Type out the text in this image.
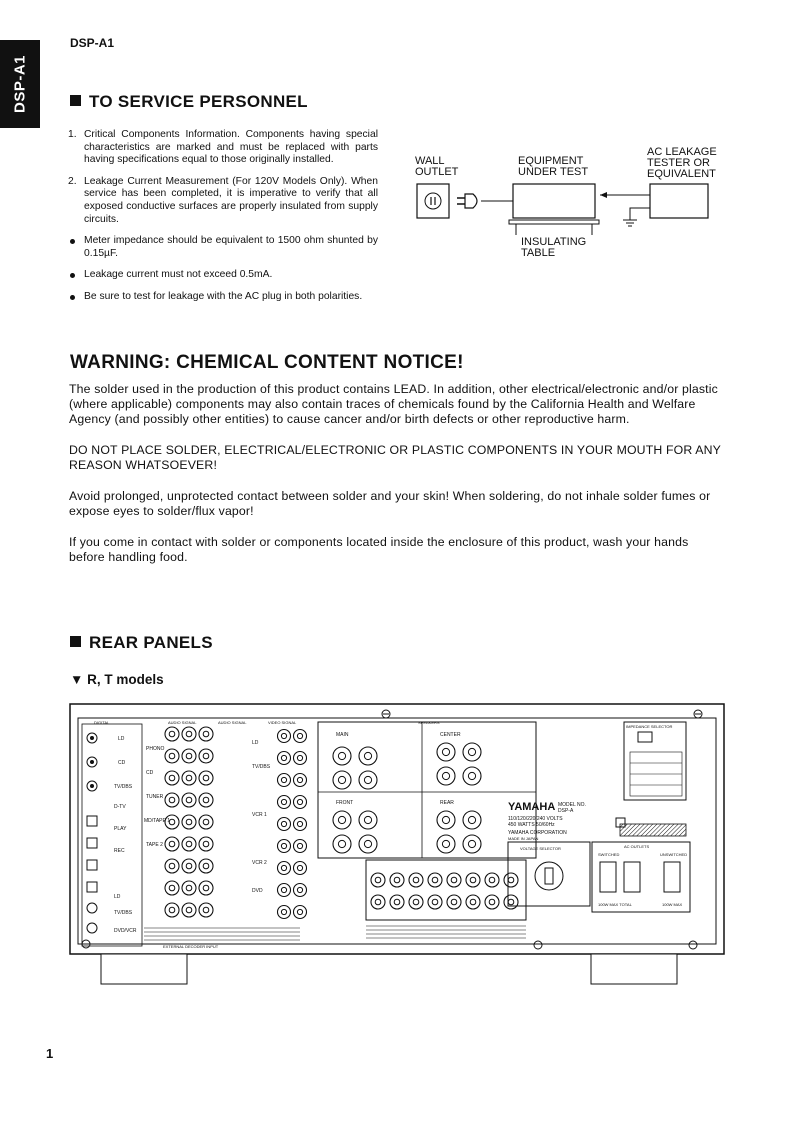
DSP-A1
DSP-A1
TO SERVICE PERSONNEL
1. Critical Components Information. Components having special characteristics are marked and must be replaced with parts having specifications equal to those originally installed.
2. Leakage Current Measurement (For 120V Models Only). When service has been completed, it is imperative to verify that all exposed conductive surfaces are properly insulated from supply circuits.
Meter impedance should be equivalent to 1500 ohm shunted by 0.15µF.
Leakage current must not exceed 0.5mA.
Be sure to test for leakage with the AC plug in both polarities.
WALL
OUTLET
EQUIPMENT
UNDER TEST
AC LEAKAGE
TESTER OR
EQUIVALENT
INSULATING
TABLE
WARNING: CHEMICAL CONTENT NOTICE!

The solder used in the production of this product contains LEAD. In addition, other electrical/electronic and/or plastic (where applicable) components may also contain traces of chemicals found by the California Health and Welfare Agency (and possibly other entities) to cause cancer and/or birth defects or other reproductive harm.

DO NOT PLACE SOLDER, ELECTRICAL/ELECTRONIC OR PLASTIC COMPONENTS IN YOUR MOUTH FOR ANY REASON WHATSOEVER!

Avoid prolonged, unprotected contact between solder and your skin! When soldering, do not inhale solder fumes or expose eyes to solder/flux vapor!

If you come in contact with solder or components located inside the enclosure of this product, wash your hands before handling food.

REAR PANELS
▼ R, T models
AUDIO SIGNAL	AUDIO SIGNAL	VIDEO SIGNAL	SPEAKERS
DIGITAL
EXTERNAL DECODER INPUT
LD
CD
TV/DBS
D-TV
PLAY
REC
LD
TV/DBS
DVD/VCR
PHONO
CD
TUNER
MD/TAPE 1
TAPE 2
LD
TV/DBS
VCR 1
VCR 2
DVD
MAIN
FRONT	REAR
CENTER
YAMAHA MODEL NO.
DSP-A
110/120/220/240 VOLTS
450 WATTS 50/60Hz
YAMAHA CORPORATION
MADE IN JAPAN
IMPEDANCE SELECTOR
VOLTAGE SELECTOR	AC OUTLETS
SWITCHED	UNSWITCHED
100W MAX TOTAL	100W MAX
1
